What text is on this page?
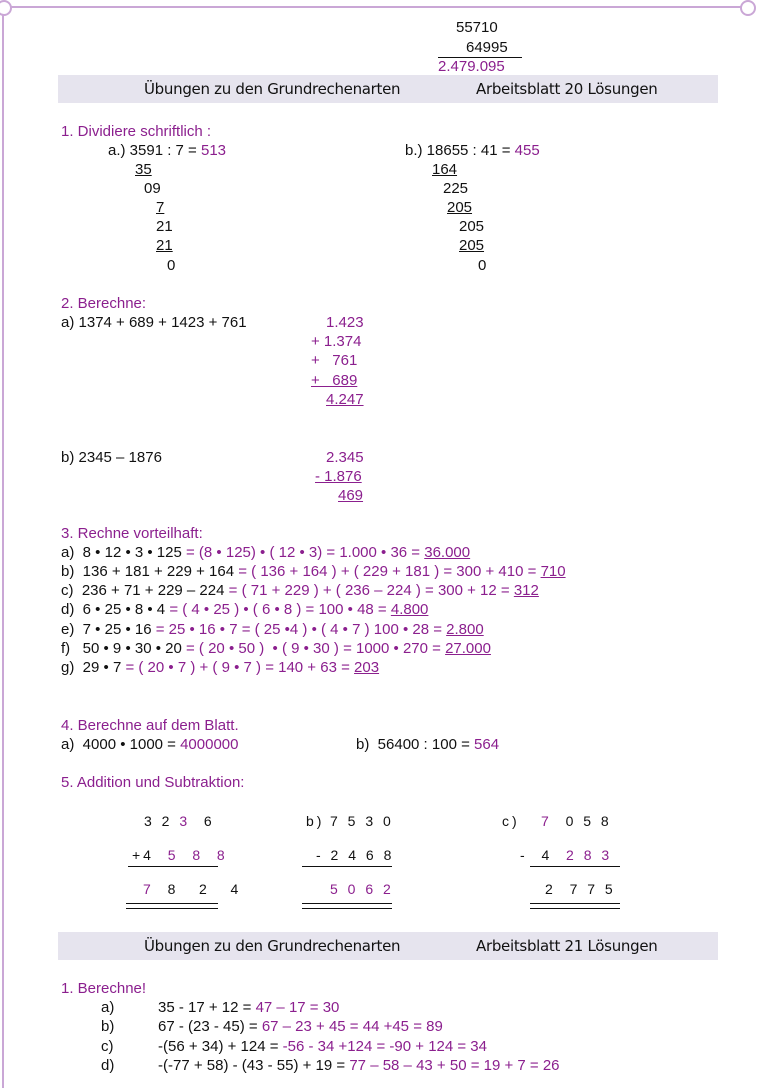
55710
64995
2.479.095
Übungen zu den Grundrechenarten	Arbeitsblatt 20 Lösungen
1. Dividiere schriftlich :
a.) 3591 : 7 = 513
35
09
7
21
21
0
b.) 18655 : 41 = 455
164
225
205
205
205
0
2. Berechne:
a) 1374 + 689 + 1423 + 761	1.423
+ 1.374
+   761
+   689
4.247
b) 2345 – 1876	2.345
- 1.876
469
3. Rechne vorteilhaft:
a)  8 • 12 • 3 • 125 = (8 • 125) • ( 12 • 3) = 1.000 • 36 = 36.000
b)  136 + 181 + 229 + 164 = ( 136 + 164 ) + ( 229 + 181 ) = 300 + 410 = 710
c)  236 + 71 + 229 – 224 = ( 71 + 229 ) + ( 236 – 224 ) = 300 + 12 = 312
d)  6 • 25 • 8 • 4 = ( 4 • 25 ) • ( 6 • 8 ) = 100 • 48 = 4.800
e)  7 • 25 • 16 = 25 • 16 • 7 = ( 25 •4 ) • ( 4 • 7 ) 100 • 28 = 2.800
f)   50 • 9 • 30 • 20 = ( 20 • 50 )  • ( 9 • 30 ) = 1000 • 270 = 27.000
g)  29 • 7 = ( 20 • 7 ) + ( 9 • 7 ) = 140 + 63 = 203
4. Berechne auf dem Blatt.
a)  4000 • 1000 = 4000000	b)  56400 : 100 = 564
5. Addition und Subtraktion:
3 2 3  6
+4  5  8  8
7  8   2   4
b) 7 5 3 0
- 2 4 6 8
5 0 6 2
c) 7 0 5 8
-  4 2 8 3
2  7 7 5
Übungen zu den Grundrechenarten	Arbeitsblatt 21 Lösungen
1. Berechne!
a)	35 - 17 + 12 = 47 – 17 = 30
b)	67 - (23 - 45) = 67 – 23 + 45 = 44 +45 = 89
c)	-(56 + 34) + 124 = -56 - 34 +124 = -90 + 124 = 34
d)	-(-77 + 58) - (43 - 55) + 19 = 77 – 58 – 43 + 50 = 19 + 7 = 26
